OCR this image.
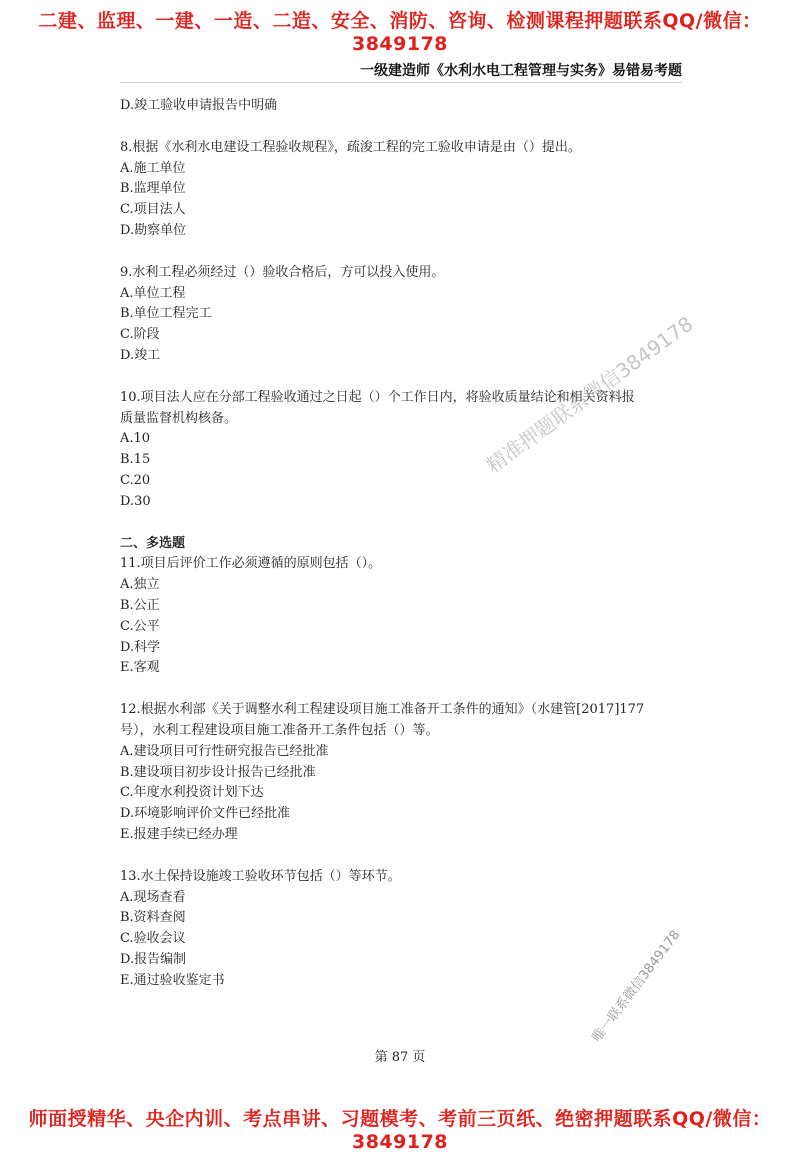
二建、监理、一建、一造、二造、安全、消防、咨询、检测课程押题联系QQ/微信：3849178
一级建造师《水利水电工程管理与实务》易错易考题
D.竣工验收申请报告中明确
8.根据《水利水电建设工程验收规程》，疏浚工程的完工验收申请是由（）提出。
A.施工单位
B.监理单位
C.项目法人
D.勘察单位
9.水利工程必须经过（）验收合格后，方可以投入使用。
A.单位工程
B.单位工程完工
C.阶段
D.竣工
10.项目法人应在分部工程验收通过之日起（）个工作日内，将验收质量结论和相关资料报
质量监督机构核备。
A.10
B.15
C.20
D.30
二、多选题
11.项目后评价工作必须遵循的原则包括（）。
A.独立
B.公正
C.公平
D.科学
E.客观
12.根据水利部《关于调整水利工程建设项目施工准备开工条件的通知》（水建管[2017]177
号），水利工程建设项目施工准备开工条件包括（）等。
A.建设项目可行性研究报告已经批准
B.建设项目初步设计报告已经批准
C.年度水利投资计划下达
D.环境影响评价文件已经批准
E.报建手续已经办理
13.水土保持设施竣工验收环节包括（）等环节。
A.现场查看
B.资料查阅
C.验收会议
D.报告编制
E.通过验收鉴定书
精准押题联系微信3849178
唯一联系微信3849178
第 87 页
师面授精华、央企内训、考点串讲、习题模考、考前三页纸、绝密押题联系QQ/微信：3849178
